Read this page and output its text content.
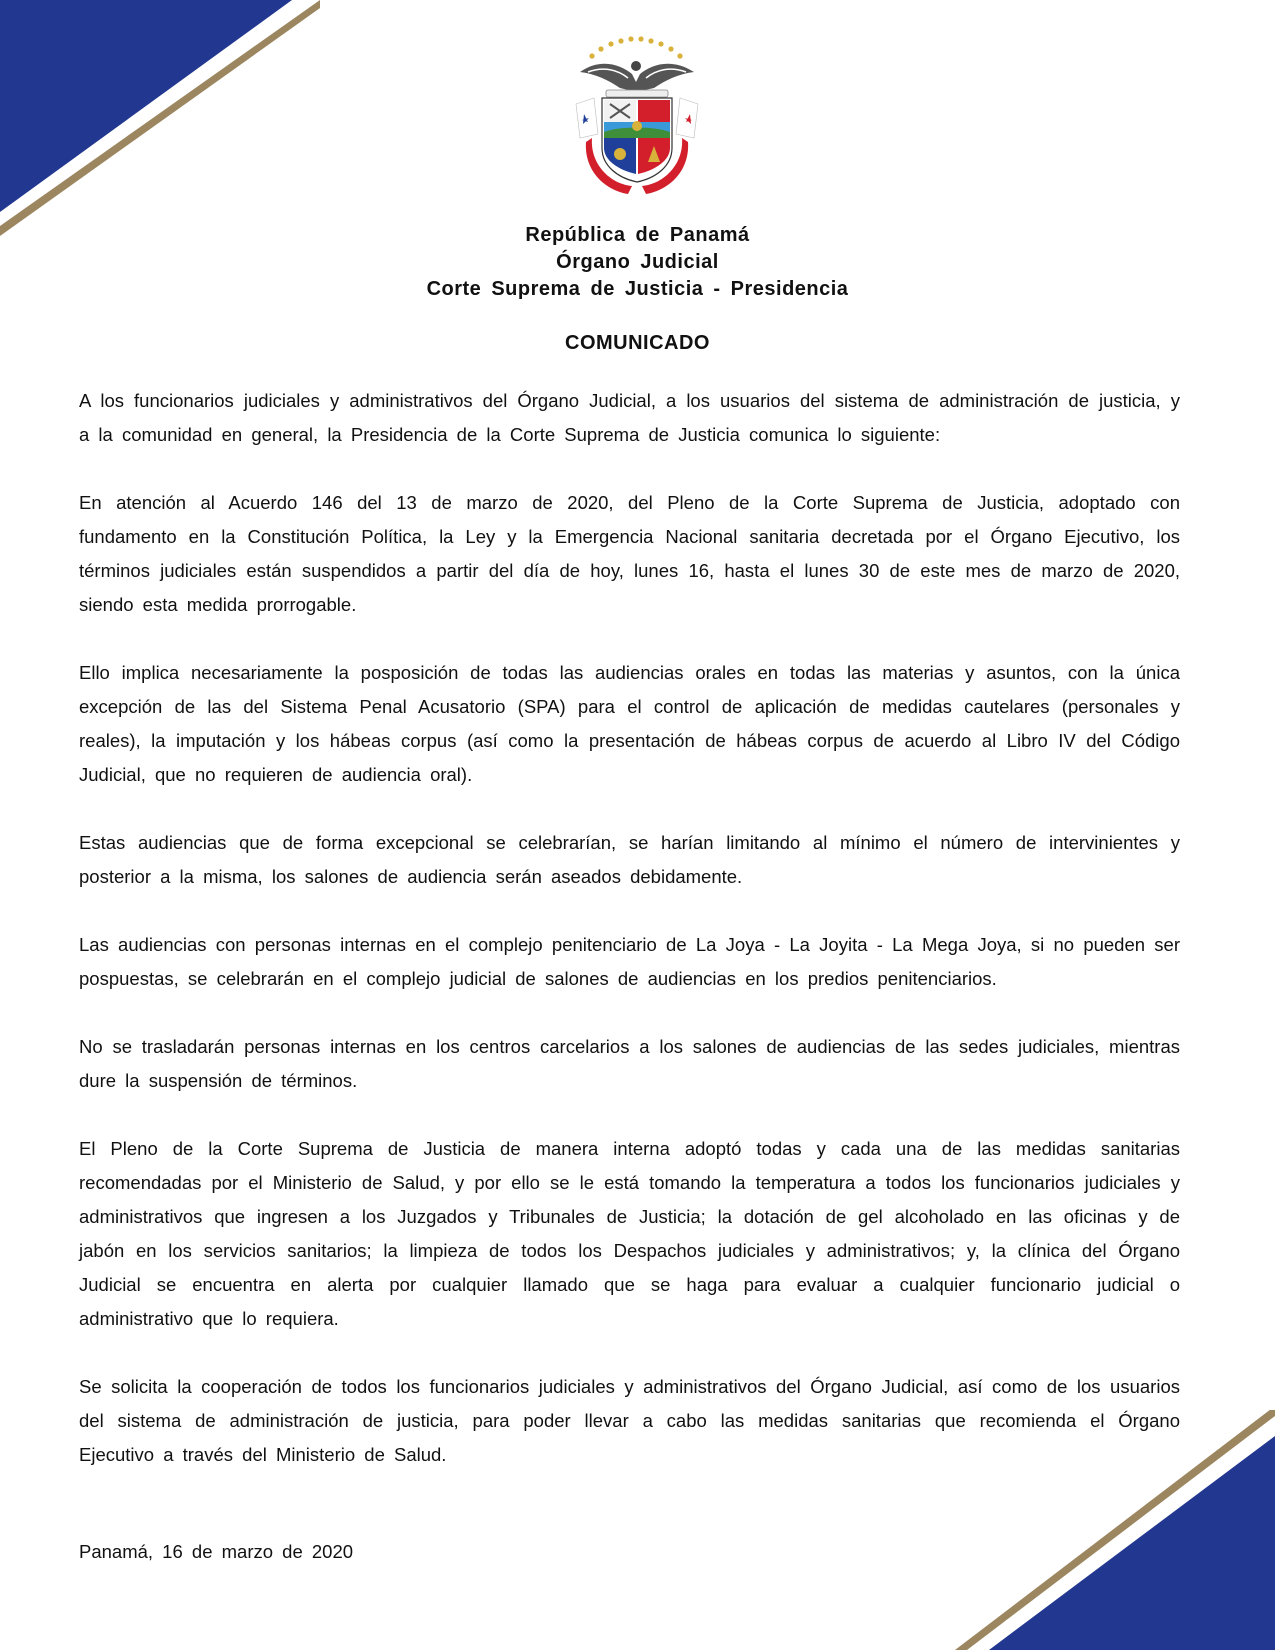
República de Panamá
Órgano Judicial
Corte Suprema de Justicia - Presidencia
COMUNICADO

A los funcionarios judiciales y administrativos del Órgano Judicial, a los usuarios del sistema de administración de justicia, y a la comunidad en general, la Presidencia de la Corte Suprema de Justicia comunica lo siguiente:

En atención al Acuerdo 146 del 13 de marzo de 2020, del Pleno de la Corte Suprema de Justicia, adoptado con fundamento en la Constitución Política, la Ley y la Emergencia Nacional sanitaria decretada por el Órgano Ejecutivo, los términos judiciales están suspendidos a partir del día de hoy, lunes 16, hasta el lunes 30 de este mes de marzo de 2020, siendo esta medida prorrogable.

Ello implica necesariamente la posposición de todas las audiencias orales en todas las materias y asuntos, con la única excepción de las del Sistema Penal Acusatorio (SPA) para el control de aplicación de medidas cautelares (personales y reales), la imputación y los hábeas corpus (así como la presentación de hábeas corpus de acuerdo al Libro IV del Código Judicial, que no requieren de audiencia oral).

Estas audiencias que de forma excepcional se celebrarían, se harían limitando al mínimo el número de intervinientes y posterior a la misma, los salones de audiencia serán aseados debidamente.

Las audiencias con personas internas en el complejo penitenciario de La Joya - La Joyita - La Mega Joya, si no pueden ser pospuestas, se celebrarán en el complejo judicial de salones de audiencias en los predios penitenciarios.

No se trasladarán personas internas en los centros carcelarios a los salones de audiencias de las sedes judiciales, mientras dure la suspensión de términos.

El Pleno de la Corte Suprema de Justicia de manera interna adoptó todas y cada una de las medidas sanitarias recomendadas por el Ministerio de Salud, y por ello se le está tomando la temperatura a todos los funcionarios judiciales y administrativos que ingresen a los Juzgados y Tribunales de Justicia; la dotación de gel alcoholado en las oficinas y de jabón en los servicios sanitarios; la limpieza de todos los Despachos judiciales y administrativos; y, la clínica del Órgano Judicial se encuentra en alerta por cualquier llamado que se haga para evaluar a cualquier funcionario judicial o administrativo que lo requiera.

Se solicita la cooperación de todos los funcionarios judiciales y administrativos del Órgano Judicial, así como de los usuarios del sistema de administración de justicia, para poder llevar a cabo las medidas sanitarias que recomienda el Órgano Ejecutivo a través del Ministerio de Salud.

Panamá, 16 de marzo de 2020
